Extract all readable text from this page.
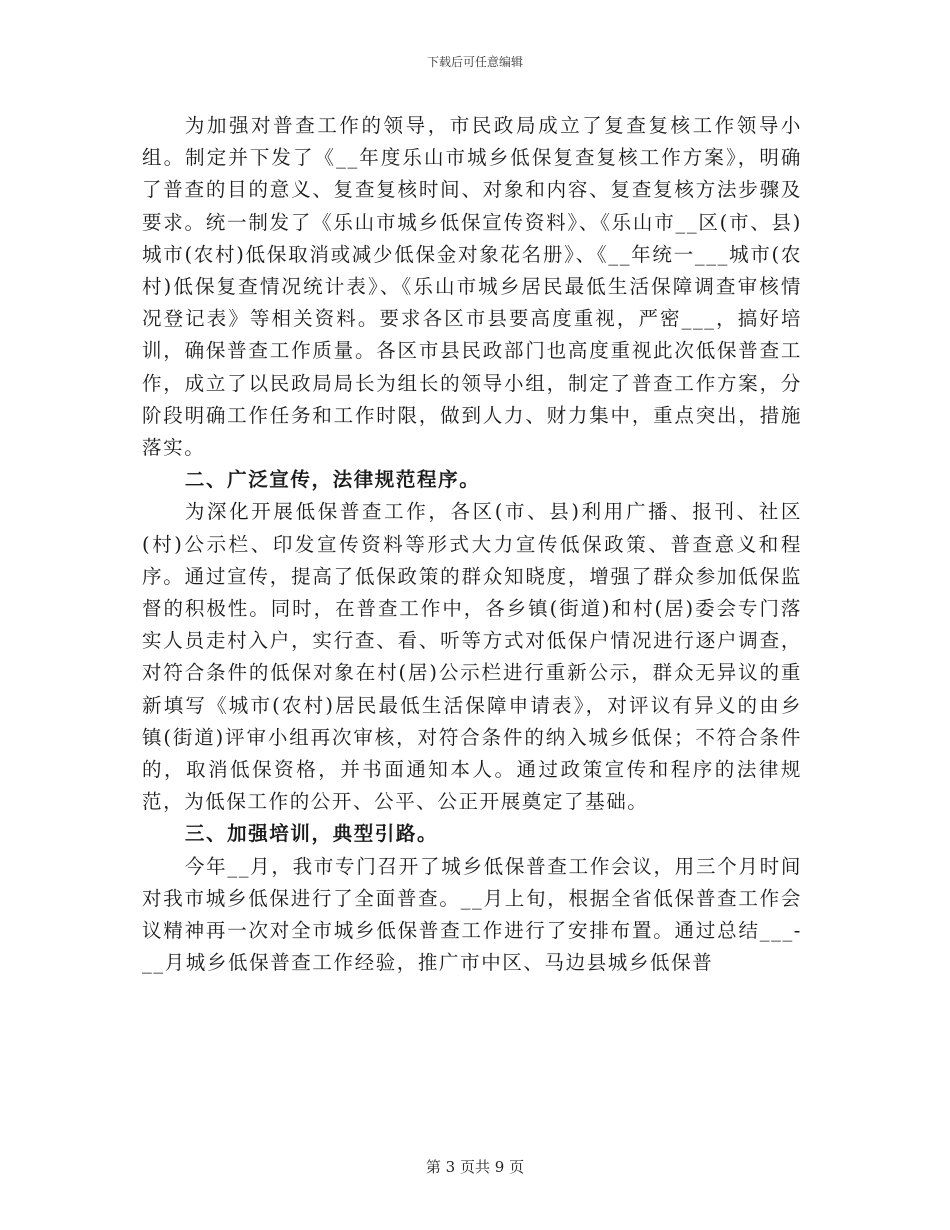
下载后可任意编辑

为加强对普查工作的领导，市民政局成立了复查复核工作领导小组。制定并下发了《__年度乐山市城乡低保复查复核工作方案》，明确了普查的目的意义、复查复核时间、对象和内容、复查复核方法步骤及要求。统一制发了《乐山市城乡低保宣传资料》、《乐山市__区(市、县)城市(农村)低保取消或减少低保金对象花名册》、《__年统一___城市(农村)低保复查情况统计表》、《乐山市城乡居民最低生活保障调查审核情况登记表》等相关资料。要求各区市县要高度重视，严密___，搞好培训，确保普查工作质量。各区市县民政部门也高度重视此次低保普查工作，成立了以民政局局长为组长的领导小组，制定了普查工作方案，分阶段明确工作任务和工作时限，做到人力、财力集中，重点突出，措施落实。

二、广泛宣传，法律规范程序。

为深化开展低保普查工作，各区(市、县)利用广播、报刊、社区(村)公示栏、印发宣传资料等形式大力宣传低保政策、普查意义和程序。通过宣传，提高了低保政策的群众知晓度，增强了群众参加低保监督的积极性。同时，在普查工作中，各乡镇(街道)和村(居)委会专门落实人员走村入户，实行查、看、听等方式对低保户情况进行逐户调查，对符合条件的低保对象在村(居)公示栏进行重新公示，群众无异议的重新填写《城市(农村)居民最低生活保障申请表》，对评议有异义的由乡镇(街道)评审小组再次审核，对符合条件的纳入城乡低保；不符合条件的，取消低保资格，并书面通知本人。通过政策宣传和程序的法律规范，为低保工作的公开、公平、公正开展奠定了基础。

三、加强培训，典型引路。

今年__月，我市专门召开了城乡低保普查工作会议，用三个月时间对我市城乡低保进行了全面普查。__月上旬，根据全省低保普查工作会议精神再一次对全市城乡低保普查工作进行了安排布置。通过总结___-__月城乡低保普查工作经验，推广市中区、马边县城乡低保普

第 3 页共 9 页
